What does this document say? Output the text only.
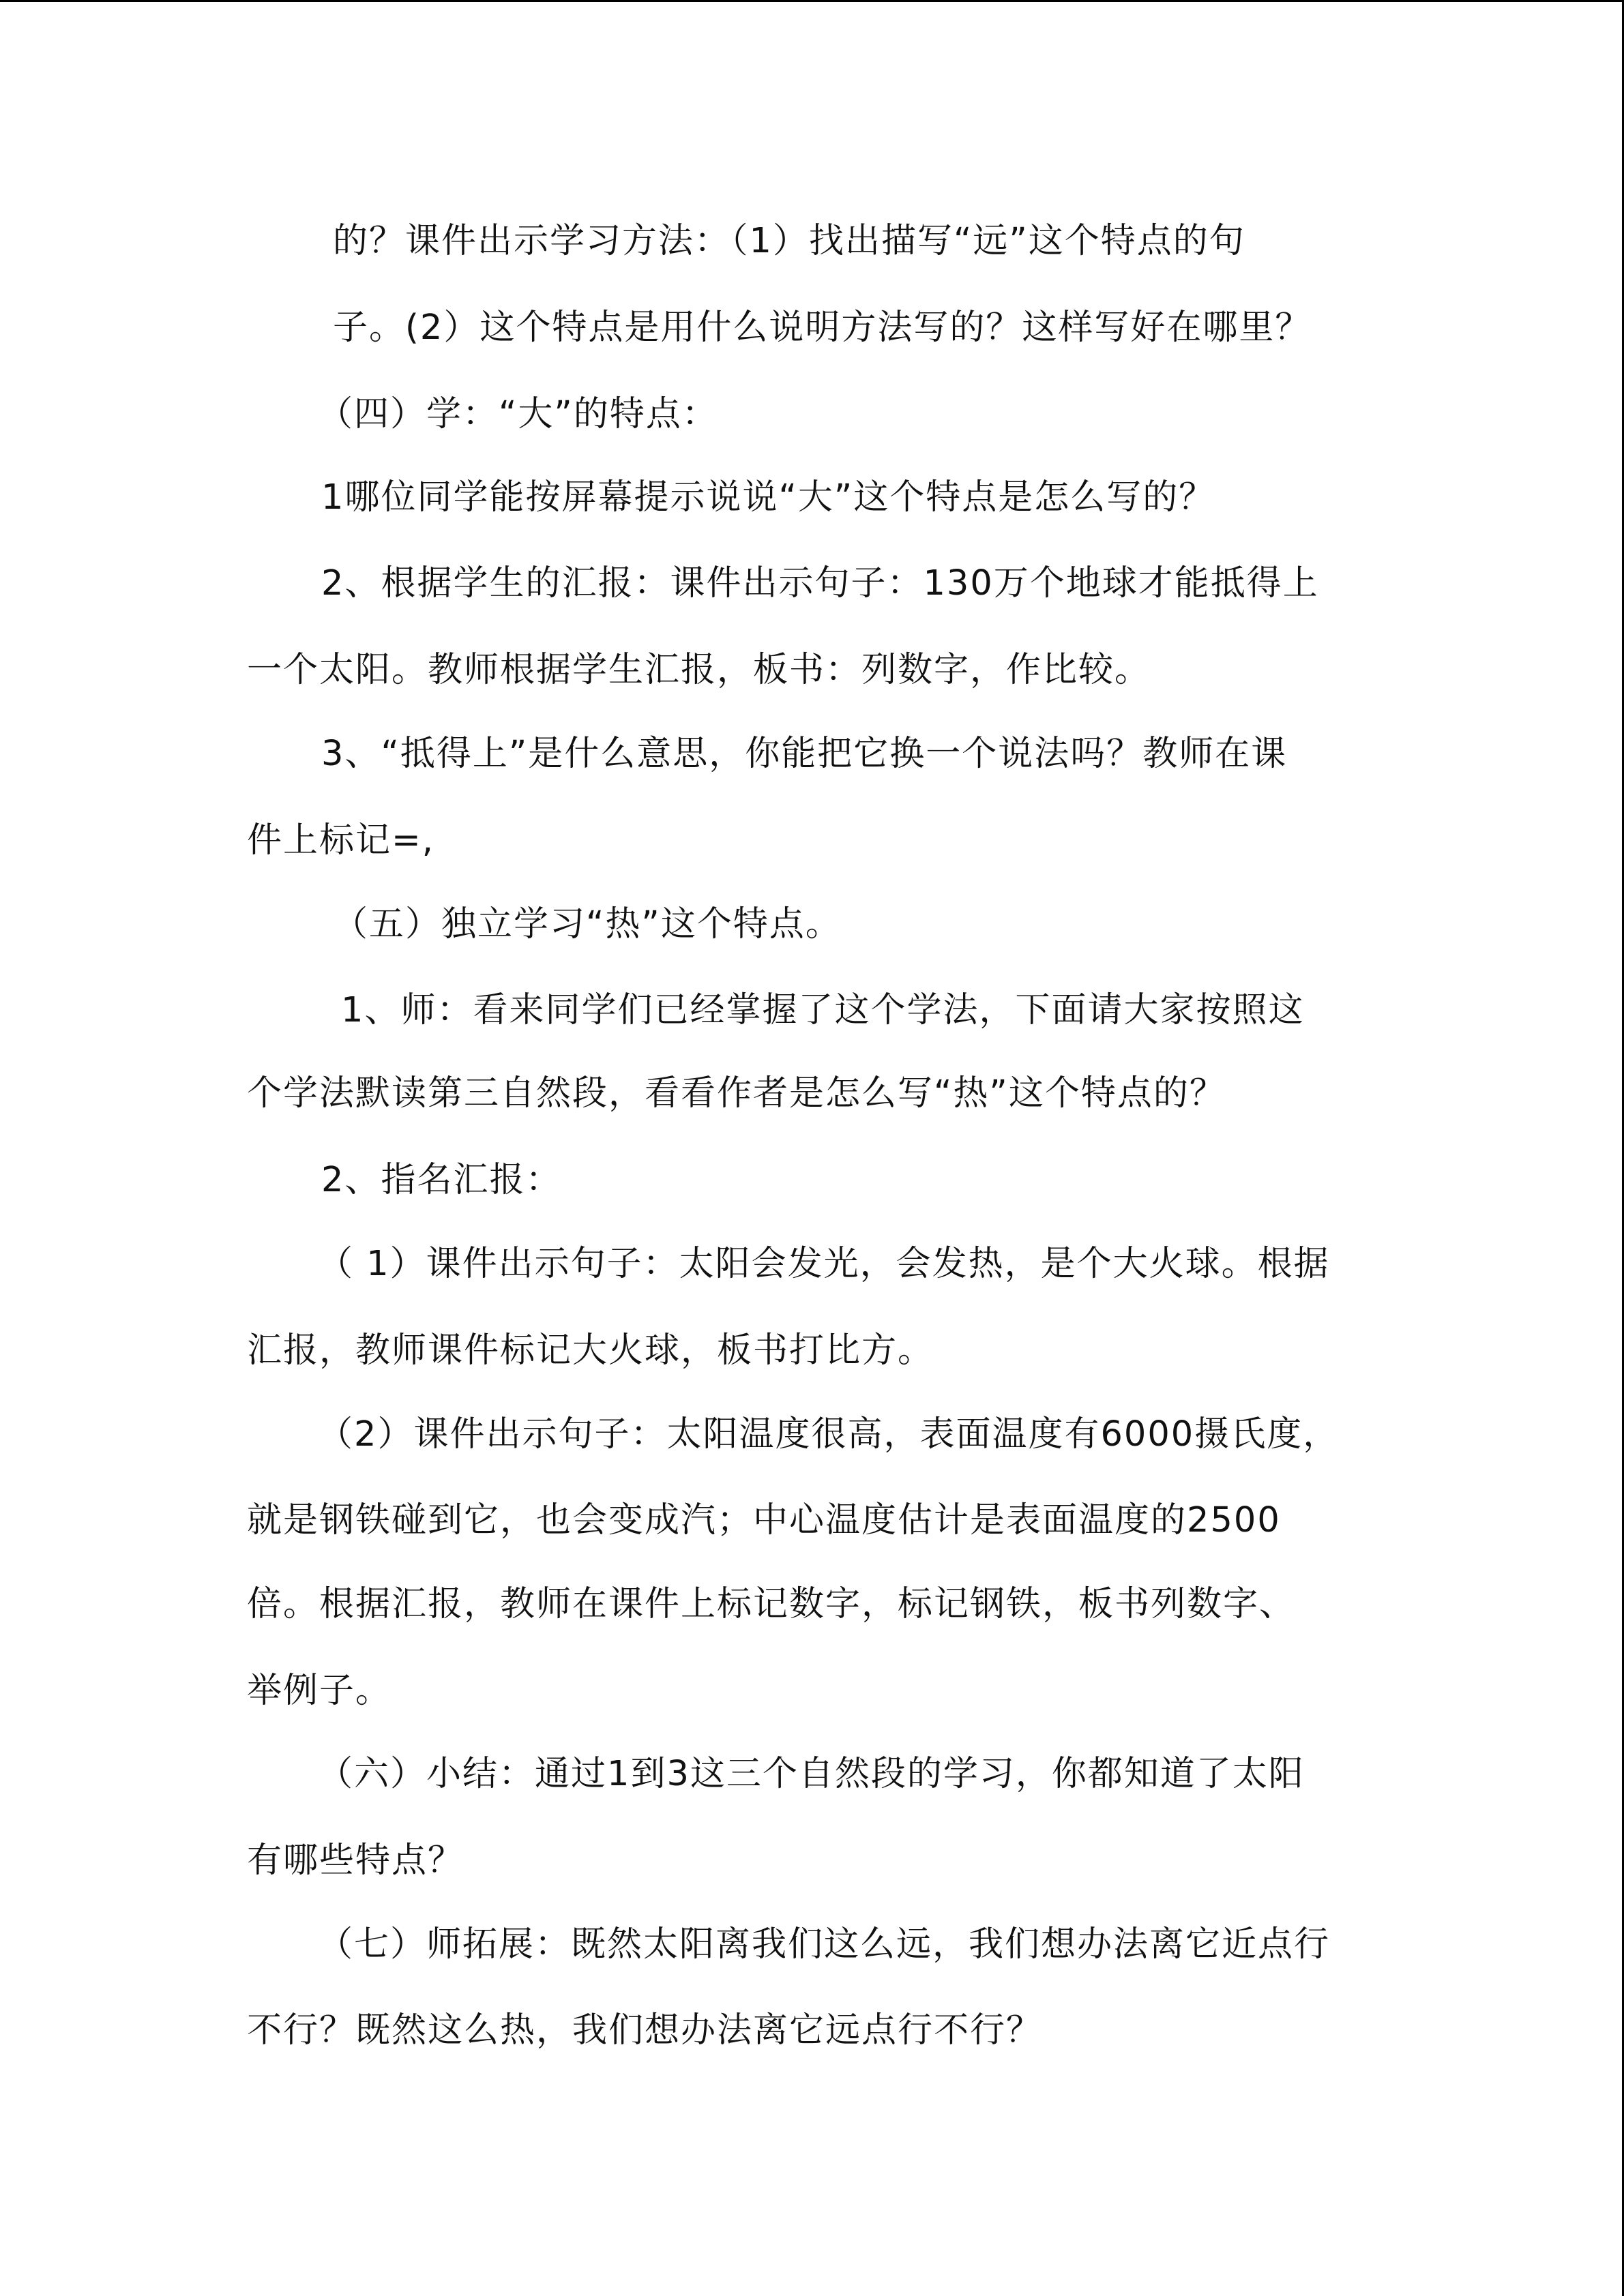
的？课件出示学习方法：（1）找出描写“远”这个特点的句
子。(2）这个特点是用什么说明方法写的？这样写好在哪里？
（四）学：“大”的特点：
1哪位同学能按屏幕提示说说“大”这个特点是怎么写的？
2、根据学生的汇报：课件出示句子：130万个地球才能抵得上
一个太阳。教师根据学生汇报，板书：列数字，作比较。
3、“抵得上”是什么意思，你能把它换一个说法吗？教师在课
件上标记=,
（五）独立学习“热”这个特点。
1、师：看来同学们已经掌握了这个学法，下面请大家按照这
个学法默读第三自然段，看看作者是怎么写“热”这个特点的？
2、指名汇报：
（ 1）课件出示句子：太阳会发光，会发热，是个大火球。根据
汇报，教师课件标记大火球，板书打比方。
（2）课件出示句子：太阳温度很高，表面温度有6000摄氏度，
就是钢铁碰到它，也会变成汽；中心温度估计是表面温度的2500
倍。根据汇报，教师在课件上标记数字，标记钢铁，板书列数字、
举例子。
（六）小结：通过1到3这三个自然段的学习，你都知道了太阳
有哪些特点？
（七）师拓展：既然太阳离我们这么远，我们想办法离它近点行
不行？既然这么热，我们想办法离它远点行不行？
